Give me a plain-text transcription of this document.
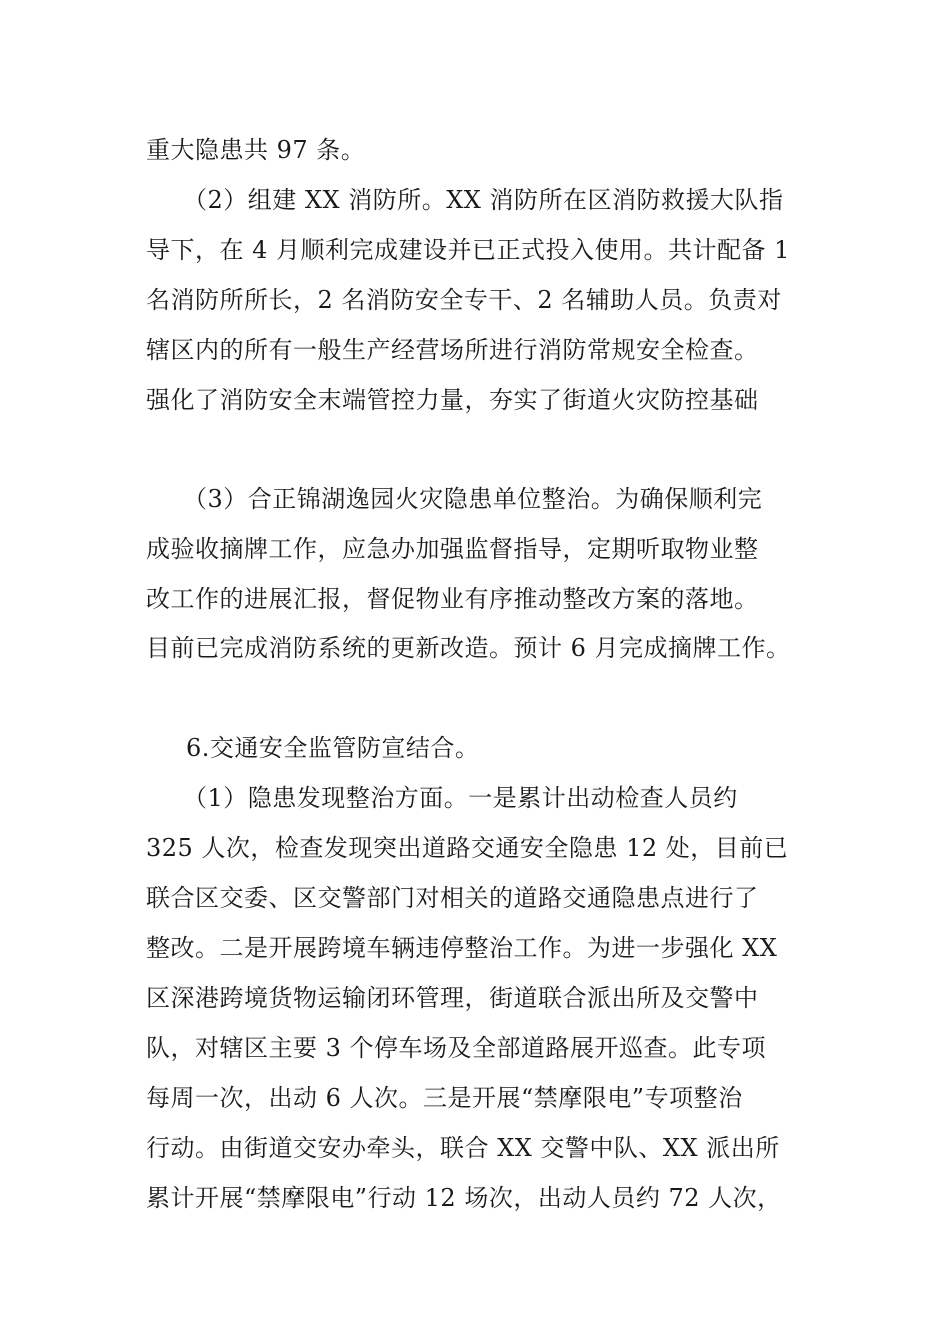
重大隐患共 97 条。
（2）组建 XX 消防所。XX 消防所在区消防救援大队指
导下，在 4 月顺利完成建设并已正式投入使用。共计配备 1
名消防所所长，2 名消防安全专干、2 名辅助人员。负责对
辖区内的所有一般生产经营场所进行消防常规安全检查。
强化了消防安全末端管控力量，夯实了街道火灾防控基础
（3）合正锦湖逸园火灾隐患单位整治。为确保顺利完
成验收摘牌工作，应急办加强监督指导，定期听取物业整
改工作的进展汇报，督促物业有序推动整改方案的落地。
目前已完成消防系统的更新改造。预计 6 月完成摘牌工作。
6.交通安全监管防宣结合。
（1）隐患发现整治方面。一是累计出动检查人员约
325 人次，检查发现突出道路交通安全隐患 12 处，目前已
联合区交委、区交警部门对相关的道路交通隐患点进行了
整改。二是开展跨境车辆违停整治工作。为进一步强化 XX
区深港跨境货物运输闭环管理，街道联合派出所及交警中
队，对辖区主要 3 个停车场及全部道路展开巡查。此专项
每周一次，出动 6 人次。三是开展“禁摩限电”专项整治
行动。由街道交安办牵头，联合 XX 交警中队、XX 派出所
累计开展“禁摩限电”行动 12 场次，出动人员约 72 人次，
